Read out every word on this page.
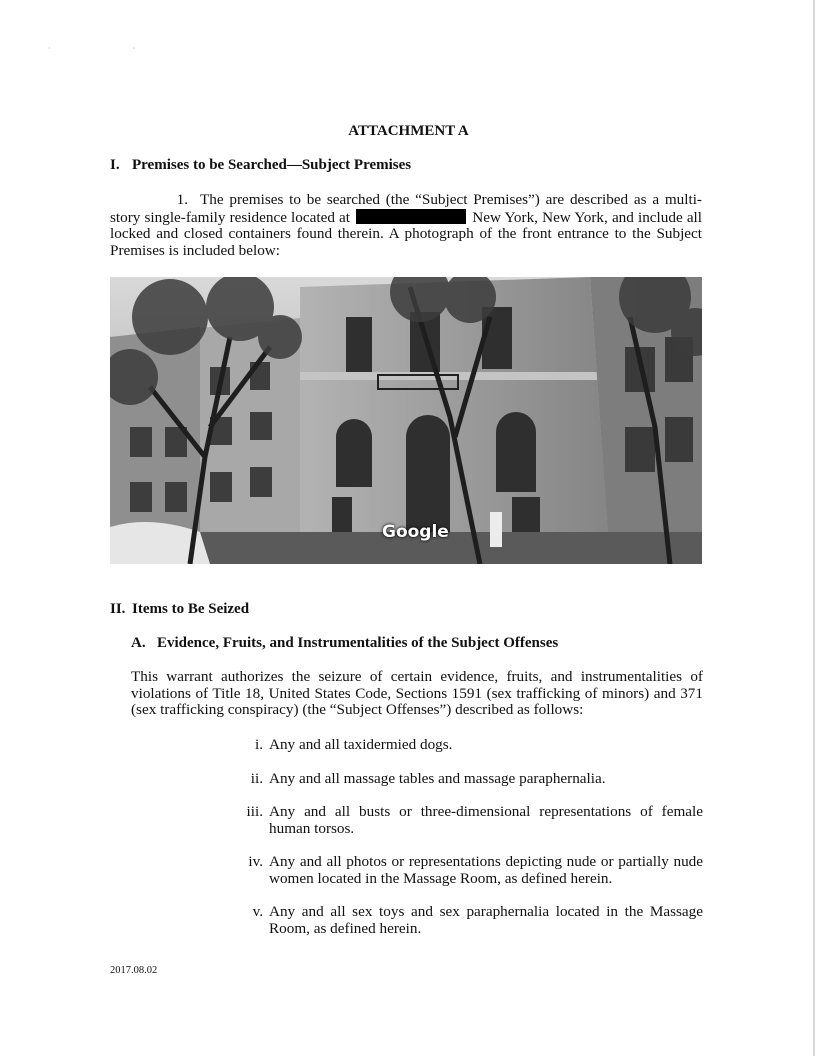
· ·
ATTACHMENT A
I. Premises to be Searched—Subject Premises
1. The premises to be searched (the “Subject Premises”) are described as a multi-story single-family residence located at	New York, New York, and include all locked and closed containers found therein. A photograph of the front entrance to the Subject Premises is included below:
Google
II. Items to Be Seized
A. Evidence, Fruits, and Instrumentalities of the Subject Offenses
This warrant authorizes the seizure of certain evidence, fruits, and instrumentalities of violations of Title 18, United States Code, Sections 1591 (sex trafficking of minors) and 371 (sex trafficking conspiracy) (the “Subject Offenses”) described as follows:
i. Any and all taxidermied dogs.
ii. Any and all massage tables and massage paraphernalia.
iii. Any and all busts or three-dimensional representations of female human torsos.
iv. Any and all photos or representations depicting nude or partially nude women located in the Massage Room, as defined herein.
v. Any and all sex toys and sex paraphernalia located in the Massage Room, as defined herein.
2017.08.02
